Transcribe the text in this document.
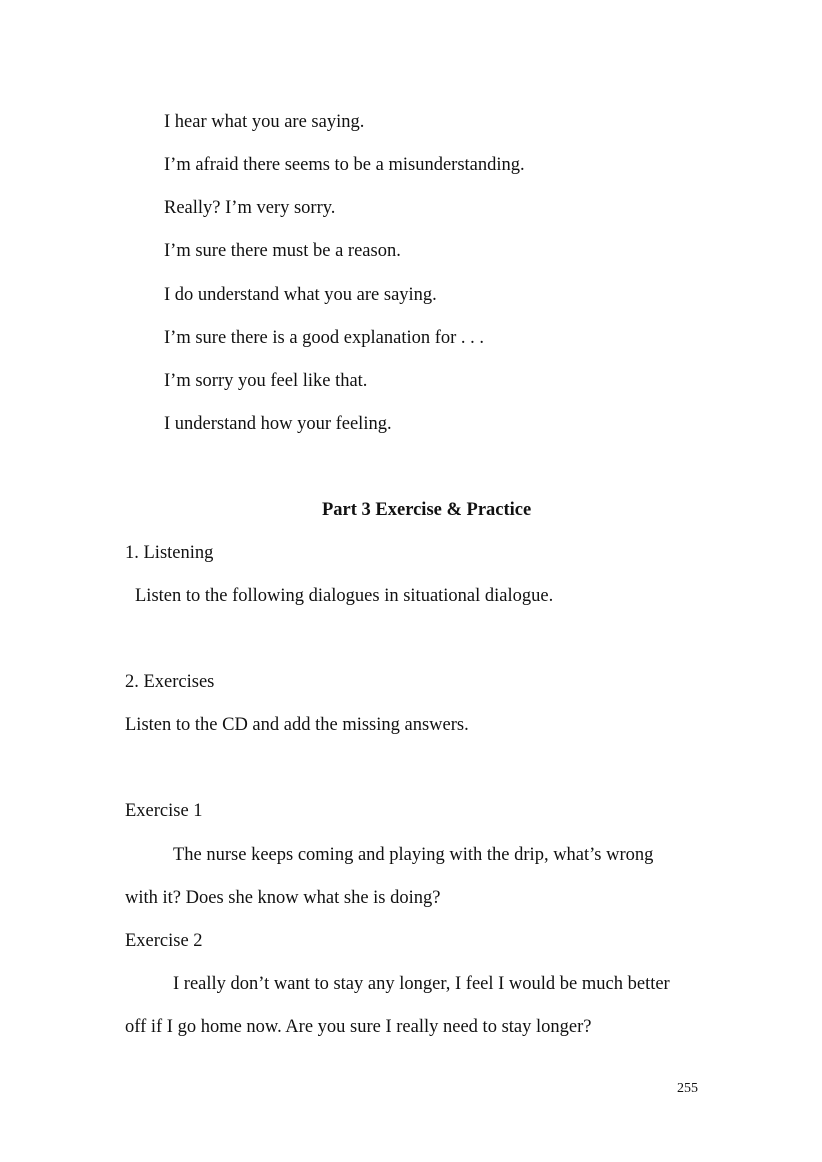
I hear what you are saying.
I’m afraid there seems to be a misunderstanding.
Really? I’m very sorry.
I’m sure there must be a reason.
I do understand what you are saying.
I’m sure there is a good explanation for . . .
I’m sorry you feel like that.
I understand how your feeling.
Part 3 Exercise & Practice
1. Listening
Listen to the following dialogues in situational dialogue.
2. Exercises
Listen to the CD and add the missing answers.
Exercise 1
The nurse keeps coming and playing with the drip, what’s wrong
with it? Does she know what she is doing?
Exercise 2
I really don’t want to stay any longer, I feel I would be much better
off if I go home now. Are you sure I really need to stay longer?
255
